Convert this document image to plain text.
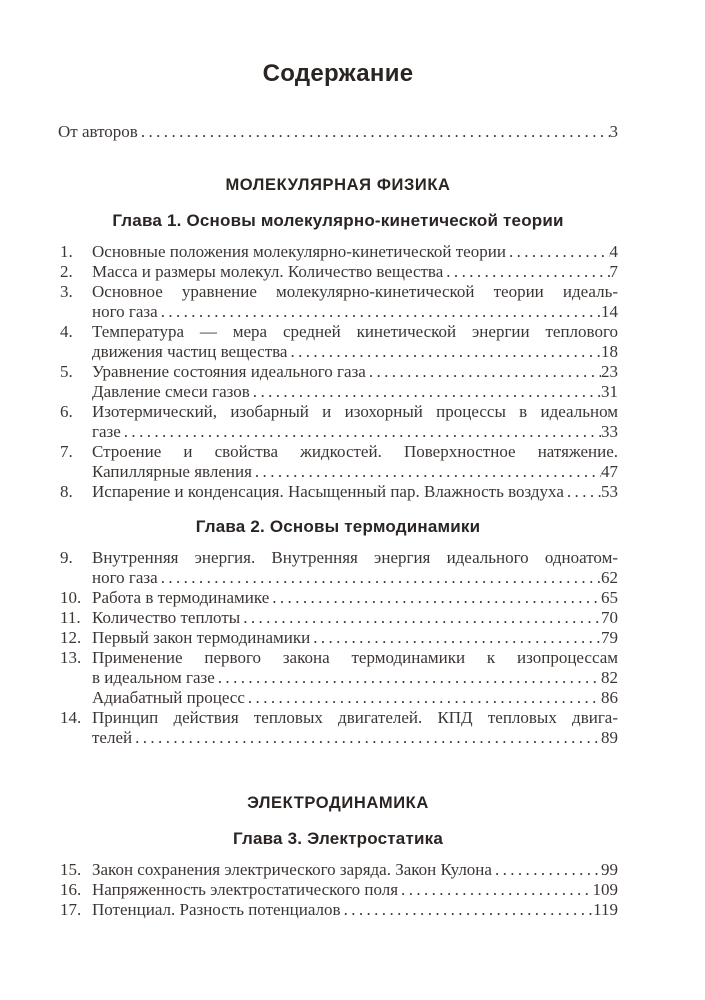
Содержание
От авторов .....	3
МОЛЕКУЛЯРНАЯ ФИЗИКА
Глава 1. Основы молекулярно-кинетической теории
1. Основные положения молекулярно-кинетической теории .....	4
2. Масса и размеры молекул. Количество вещества .....	7
3. Основное уравнение молекулярно-кинетической теории идеаль-
ного газа .....	14
4. Температура — мера средней кинетической энергии теплового
движения частиц вещества .....	18
5. Уравнение состояния идеального газа .....	23
Давление смеси газов .....	31
6. Изотермический, изобарный и изохорный процессы в идеальном
газе .....	33
7. Строение и свойства жидкостей. Поверхностное натяжение.
Капиллярные явления .....	47
8. Испарение и конденсация. Насыщенный пар. Влажность воздуха ..... 53
Глава 2. Основы термодинамики
9. Внутренняя энергия. Внутренняя энергия идеального одноатом-
ного газа .....	62
10. Работа в термодинамике .....	65
11. Количество теплоты .....	70
12. Первый закон термодинамики .....	79
13. Применение первого закона термодинамики к изопроцессам
в идеальном газе .....	82
Адиабатный процесс .....	86
14. Принцип действия тепловых двигателей. КПД тепловых двига-
телей .....	89
ЭЛЕКТРОДИНАМИКА
Глава 3. Электростатика
15. Закон сохранения электрического заряда. Закон Кулона .....	99
16. Напряженность электростатического поля .....	109
17. Потенциал. Разность потенциалов .....	119
